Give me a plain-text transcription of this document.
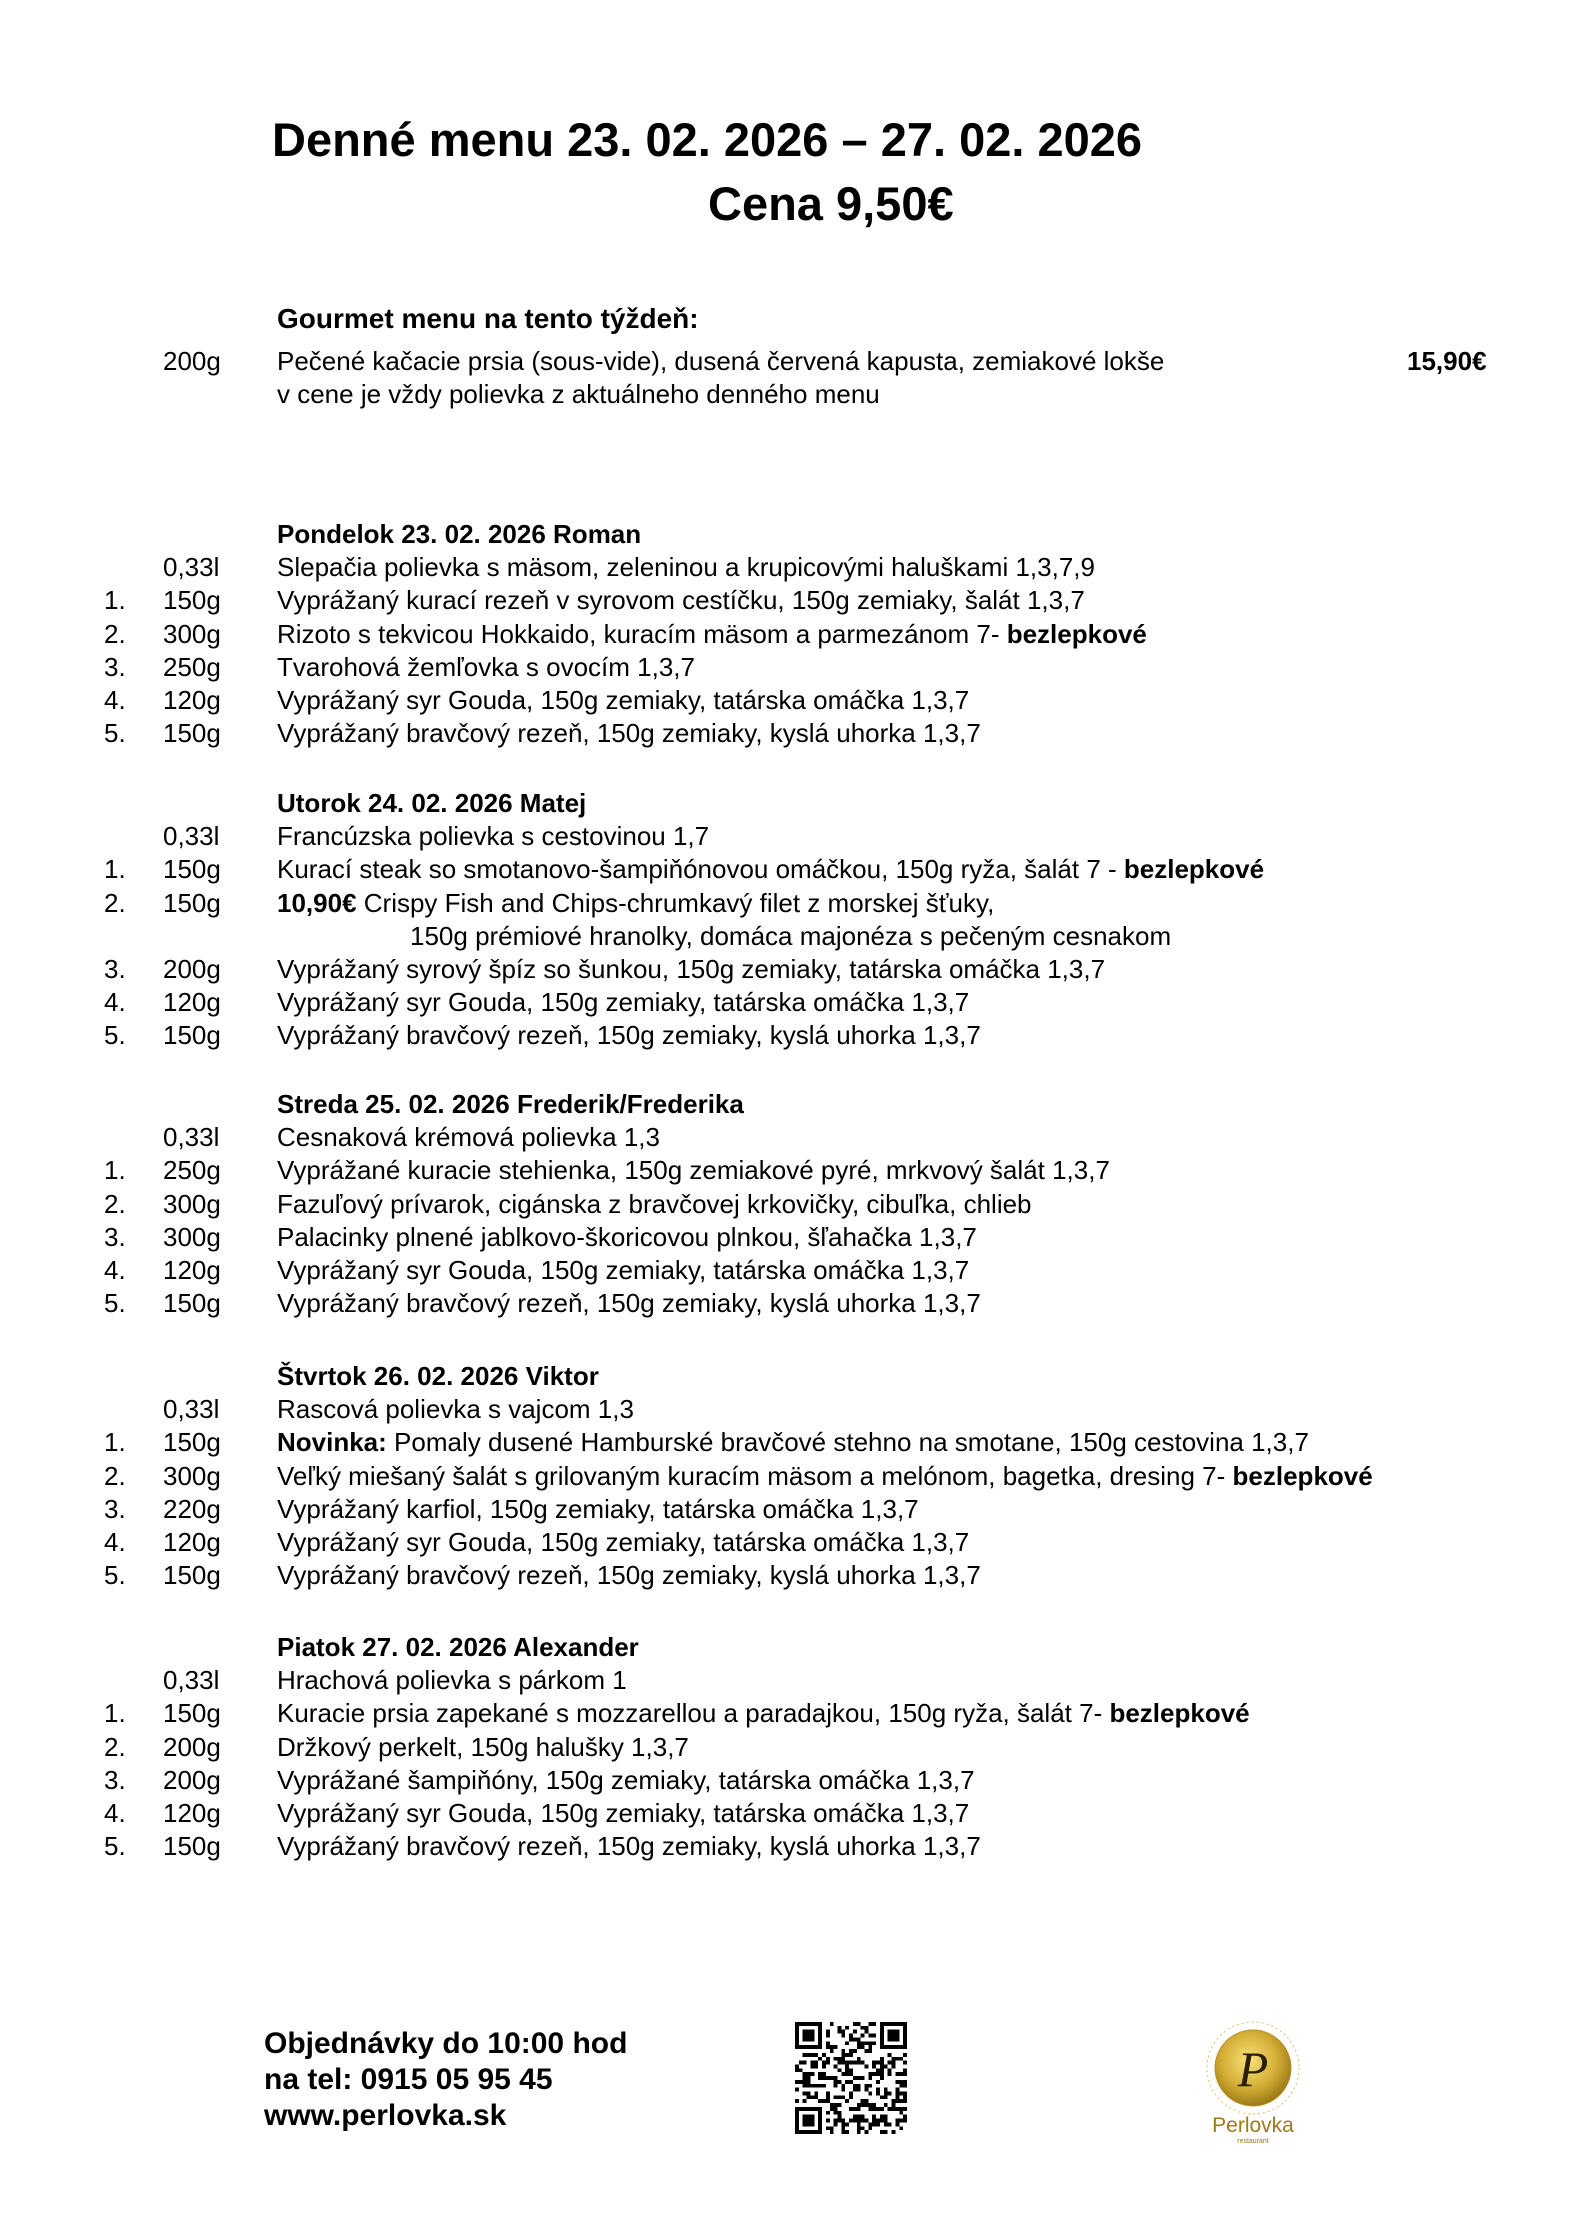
Denné menu 23. 02. 2026 – 27. 02. 2026
Cena 9,50€
Gourmet menu na tento týždeň:
200g Pečené kačacie prsia (sous-vide), dusená červená kapusta, zemiakové lokše	15,90€
v cene je vždy polievka z aktuálneho denného menu
Pondelok 23. 02. 2026 Roman
0,33l Slepačia polievka s mäsom, zeleninou a krupicovými haluškami 1,3,7,9
1. 150g Vyprážaný kurací rezeň v syrovom cestíčku, 150g zemiaky, šalát 1,3,7
2. 300g Rizoto s tekvicou Hokkaido, kuracím mäsom a parmezánom 7- bezlepkové
3. 250g Tvarohová žemľovka s ovocím 1,3,7
4. 120g Vyprážaný syr Gouda, 150g zemiaky, tatárska omáčka 1,3,7
5. 150g Vyprážaný bravčový rezeň, 150g zemiaky, kyslá uhorka 1,3,7
Utorok 24. 02. 2026 Matej
0,33l Francúzska polievka s cestovinou 1,7
1. 150g Kurací steak so smotanovo-šampiňónovou omáčkou, 150g ryža, šalát 7 - bezlepkové
2. 150g 10,90€ Crispy Fish and Chips-chrumkavý filet z morskej šťuky,
150g prémiové hranolky, domáca majonéza s pečeným cesnakom
3. 200g Vyprážaný syrový špíz so šunkou, 150g zemiaky, tatárska omáčka 1,3,7
4. 120g Vyprážaný syr Gouda, 150g zemiaky, tatárska omáčka 1,3,7
5. 150g Vyprážaný bravčový rezeň, 150g zemiaky, kyslá uhorka 1,3,7
Streda 25. 02. 2026 Frederik/Frederika
0,33l Cesnaková krémová polievka 1,3
1. 250g Vyprážané kuracie stehienka, 150g zemiakové pyré, mrkvový šalát 1,3,7
2. 300g Fazuľový prívarok, cigánska z bravčovej krkovičky, cibuľka, chlieb
3. 300g Palacinky plnené jablkovo-škoricovou plnkou, šľahačka 1,3,7
4. 120g Vyprážaný syr Gouda, 150g zemiaky, tatárska omáčka 1,3,7
5. 150g Vyprážaný bravčový rezeň, 150g zemiaky, kyslá uhorka 1,3,7
Štvrtok 26. 02. 2026 Viktor
0,33l Rascová polievka s vajcom 1,3
1. 150g Novinka: Pomaly dusené Hamburské bravčové stehno na smotane, 150g cestovina 1,3,7
2. 300g Veľký miešaný šalát s grilovaným kuracím mäsom a melónom, bagetka, dresing 7- bezlepkové
3. 220g Vyprážaný karfiol, 150g zemiaky, tatárska omáčka 1,3,7
4. 120g Vyprážaný syr Gouda, 150g zemiaky, tatárska omáčka 1,3,7
5. 150g Vyprážaný bravčový rezeň, 150g zemiaky, kyslá uhorka 1,3,7
Piatok 27. 02. 2026 Alexander
0,33l Hrachová polievka s párkom 1
1. 150g Kuracie prsia zapekané s mozzarellou a paradajkou, 150g ryža, šalát 7- bezlepkové
2. 200g Držkový perkelt, 150g halušky 1,3,7
3. 200g Vyprážané šampiňóny, 150g zemiaky, tatárska omáčka 1,3,7
4. 120g Vyprážaný syr Gouda, 150g zemiaky, tatárska omáčka 1,3,7
5. 150g Vyprážaný bravčový rezeň, 150g zemiaky, kyslá uhorka 1,3,7
Objednávky do 10:00 hod
na tel: 0915 05 95 45
www.perlovka.sk
P
Perlovka
restaurant
